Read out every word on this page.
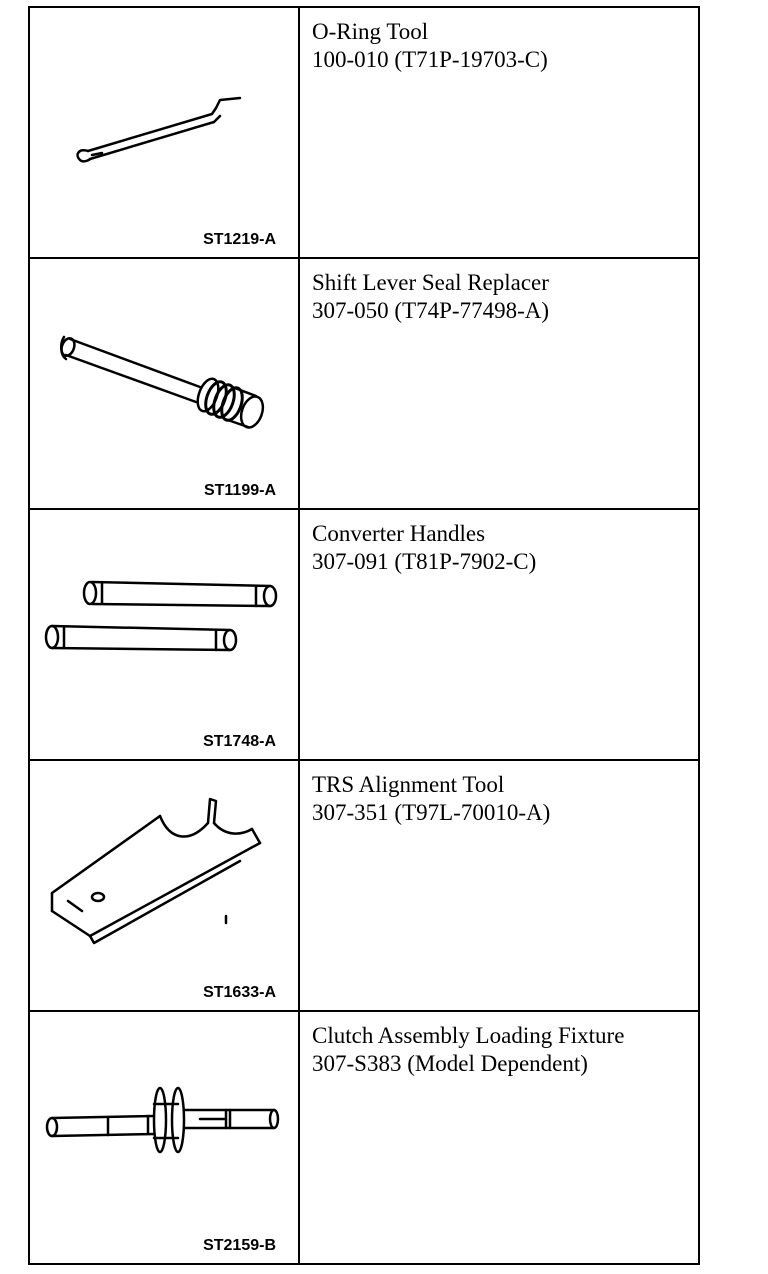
ST1219-A	O-Ring Tool
100-010 (T71P-19703-C)

ST1199-A	Shift Lever Seal Replacer
307-050 (T74P-77498-A)

ST1748-A	Converter Handles
307-091 (T81P-7902-C)

ST1633-A	TRS Alignment Tool
307-351 (T97L-70010-A)

ST2159-B	Clutch Assembly Loading Fixture
307-S383 (Model Dependent)
